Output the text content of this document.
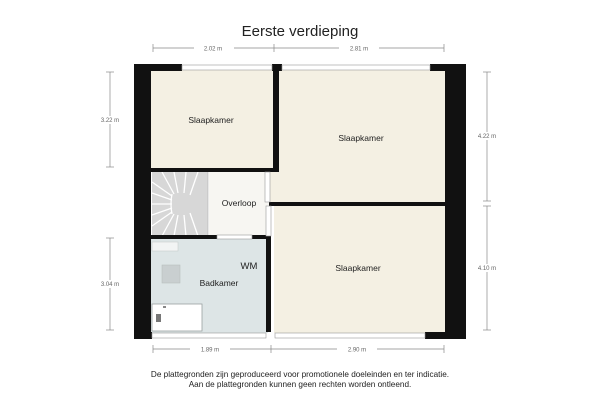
Eerste verdieping
Slaapkamer
Slaapkamer
Overloop
Badkamer
WM	Slaapkamer
2.02 m	2.81 m
1.89 m	2.90 m
3.22 m
3.04 m
4.22 m
4.10 m
De plattegronden zijn geproduceerd voor promotionele doeleinden en ter indicatie.
Aan de plattegronden kunnen geen rechten worden ontleend.
